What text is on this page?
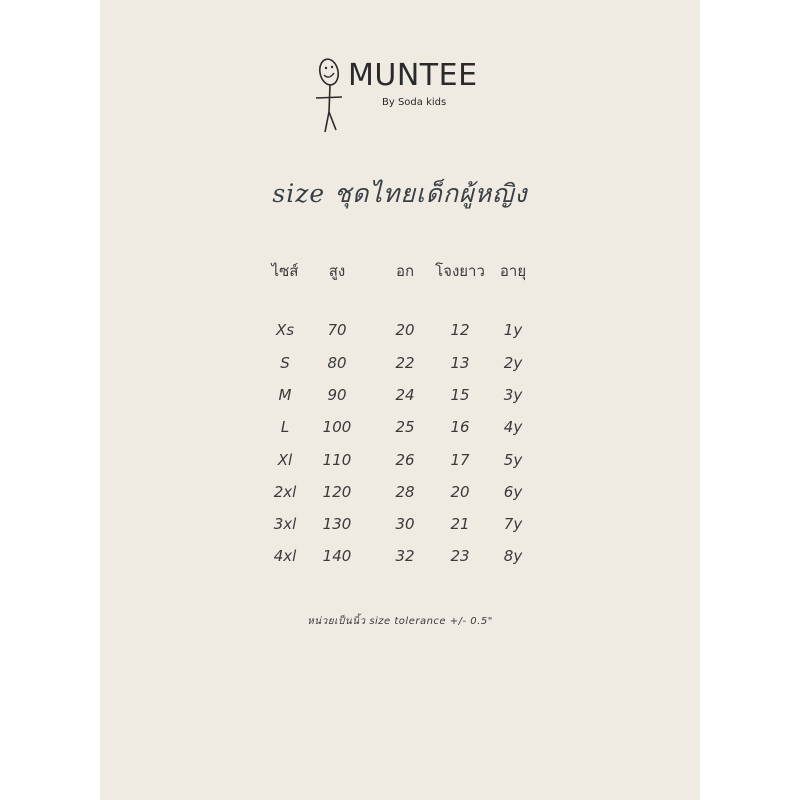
MUNTEE
By Soda kids
size ชุดไทยเด็กผู้หญิง
ไซส์ สูง	อก โจงยาว อายุ
Xs 70	20 12 1y
S	80	22 13 2y
M 90	24 15 3y
L 100	25 16 4y
Xl 110	26 17 5y
2xl 120	28 20 6y
3xl 130	30 21 7y
4xl 140	32 23 8y
หน่วยเป็นนิ้ว size tolerance +/- 0.5"
